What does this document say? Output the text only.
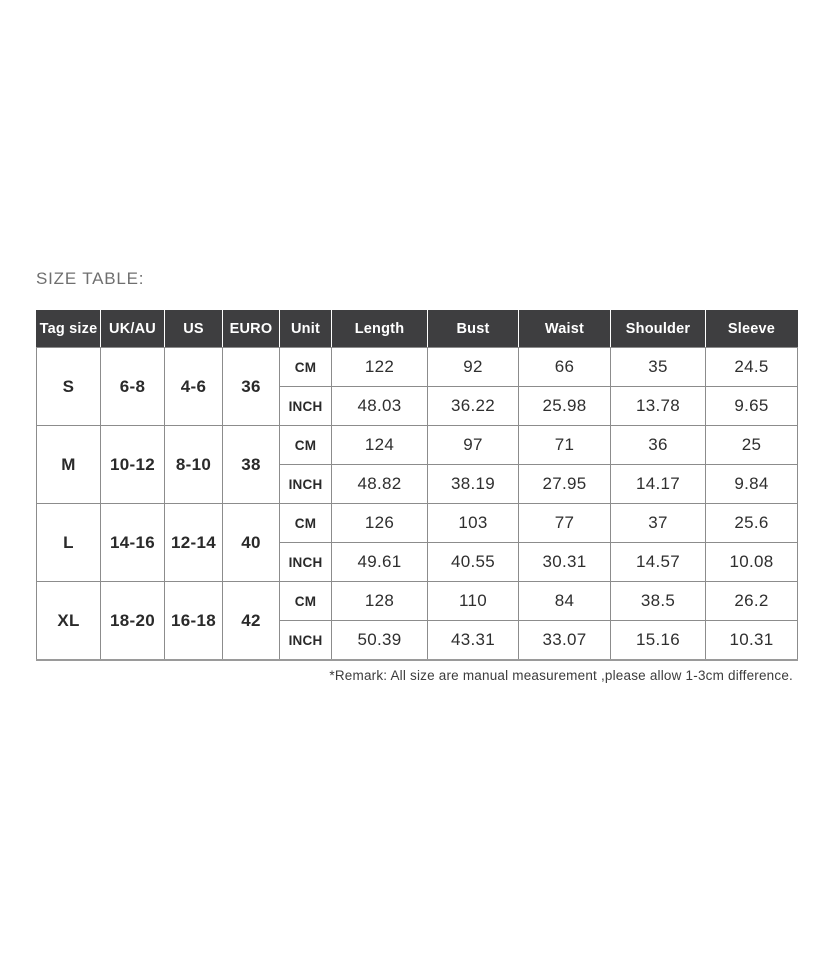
SIZE TABLE:
Tag size	UK/AU	US	EURO	Unit	Length	Bust	Waist	Shoulder	Sleeve
S	6-8	4-6	36	CM	122	92	66	35	24.5
				INCH	48.03	36.22	25.98	13.78	9.65
M	10-12	8-10	38	CM	124	97	71	36	25
				INCH	48.82	38.19	27.95	14.17	9.84
L	14-16	12-14	40	CM	126	103	77	37	25.6
				INCH	49.61	40.55	30.31	14.57	10.08
XL	18-20	16-18	42	CM	128	110	84	38.5	26.2
				INCH	50.39	43.31	33.07	15.16	10.31
*Remark: All size are manual measurement ,please allow 1-3cm difference.
